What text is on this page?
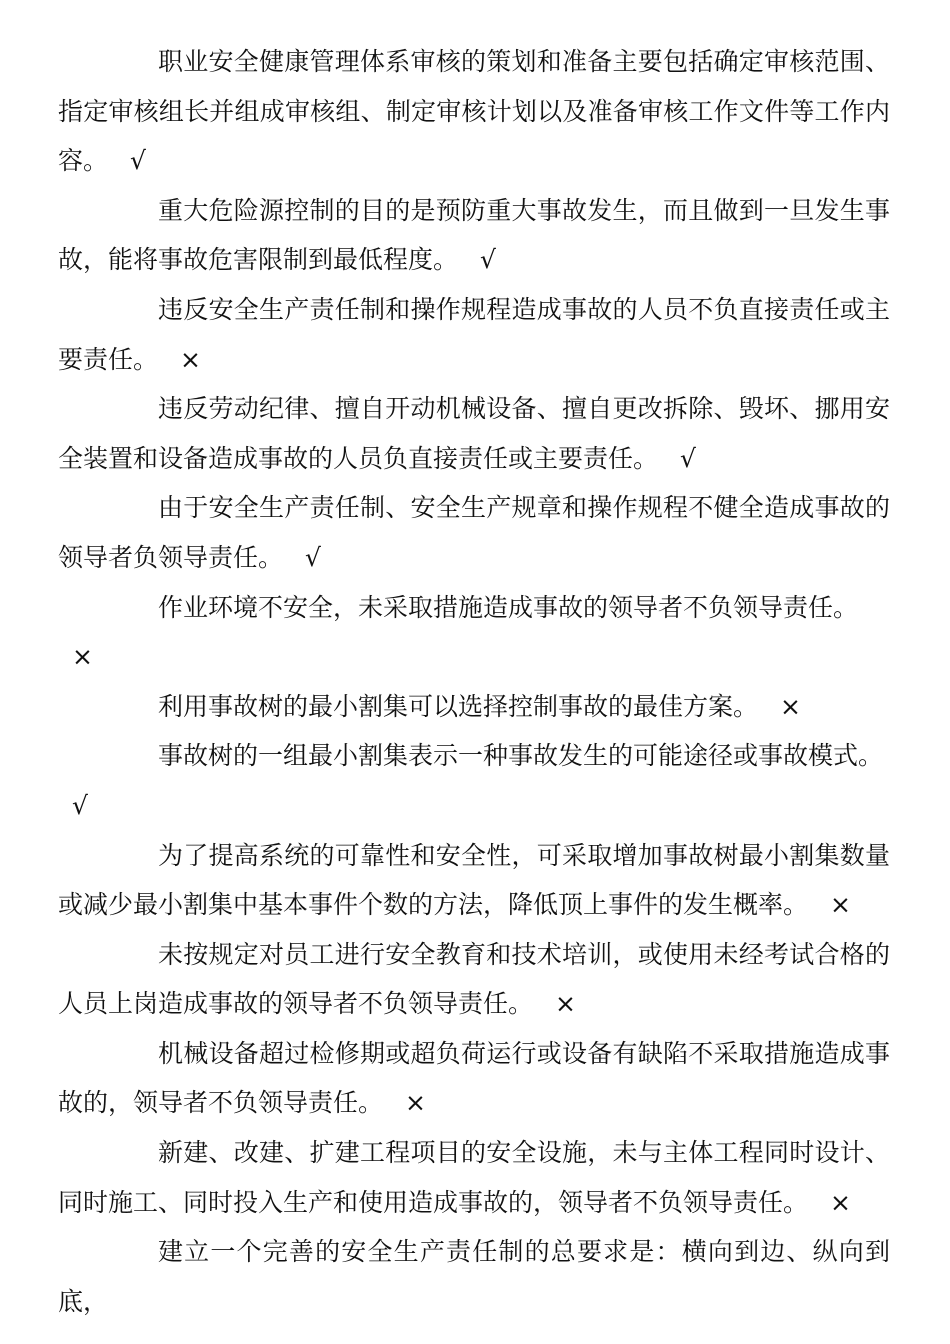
职业安全健康管理体系审核的策划和准备主要包括确定审核范围、指定审核组长并组成审核组、制定审核计划以及准备审核工作文件等工作内容。 √

重大危险源控制的目的是预防重大事故发生，而且做到一旦发生事故，能将事故危害限制到最低程度。 √

违反安全生产责任制和操作规程造成事故的人员不负直接责任或主要责任。 ×

违反劳动纪律、擅自开动机械设备、擅自更改拆除、毁坏、挪用安全装置和设备造成事故的人员负直接责任或主要责任。 √

由于安全生产责任制、安全生产规章和操作规程不健全造成事故的领导者负领导责任。 √

作业环境不安全，未采取措施造成事故的领导者不负领导责任。
×

利用事故树的最小割集可以选择控制事故的最佳方案。 ×

事故树的一组最小割集表示一种事故发生的可能途径或事故模式。
√

为了提高系统的可靠性和安全性，可采取增加事故树最小割集数量或减少最小割集中基本事件个数的方法，降低顶上事件的发生概率。 ×

未按规定对员工进行安全教育和技术培训，或使用未经考试合格的人员上岗造成事故的领导者不负领导责任。 ×

机械设备超过检修期或超负荷运行或设备有缺陷不采取措施造成事故的，领导者不负领导责任。 ×

新建、改建、扩建工程项目的安全设施，未与主体工程同时设计、同时施工、同时投入生产和使用造成事故的，领导者不负领导责任。 ×

建立一个完善的安全生产责任制的总要求是：横向到边、纵向到底，
